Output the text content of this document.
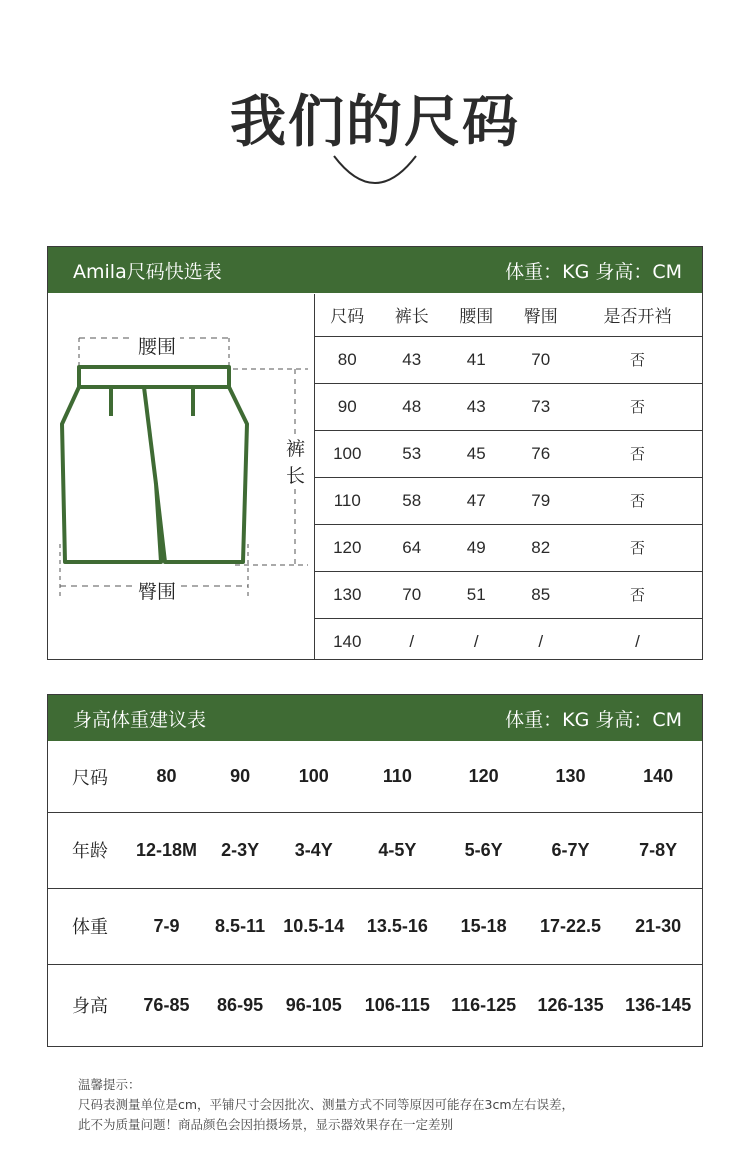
我们的尺码
Amila尺码快选表	体重：KG 身高：CM
腰围
裤
长
臀围
尺码	裤长	腰围	臀围	是否开裆
80	43	41	70	否
90	48	43	73	否
100	53	45	76	否
110	58	47	79	否
120	64	49	82	否
130	70	51	85	否
140	/	/	/	/
身高体重建议表	体重：KG 身高：CM
尺码	80	90	100	110	120	130	140
年龄	12-18M	2-3Y	3-4Y	4-5Y	5-6Y	6-7Y	7-8Y
体重	7-9	8.5-11	10.5-14	13.5-16	15-18	17-22.5	21-30
身高	76-85	86-95	96-105	106-115	116-125	126-135	136-145
温馨提示：
尺码表测量单位是cm，平铺尺寸会因批次、测量方式不同等原因可能存在3cm左右误差，
此不为质量问题！商品颜色会因拍摄场景，显示器效果存在一定差别
